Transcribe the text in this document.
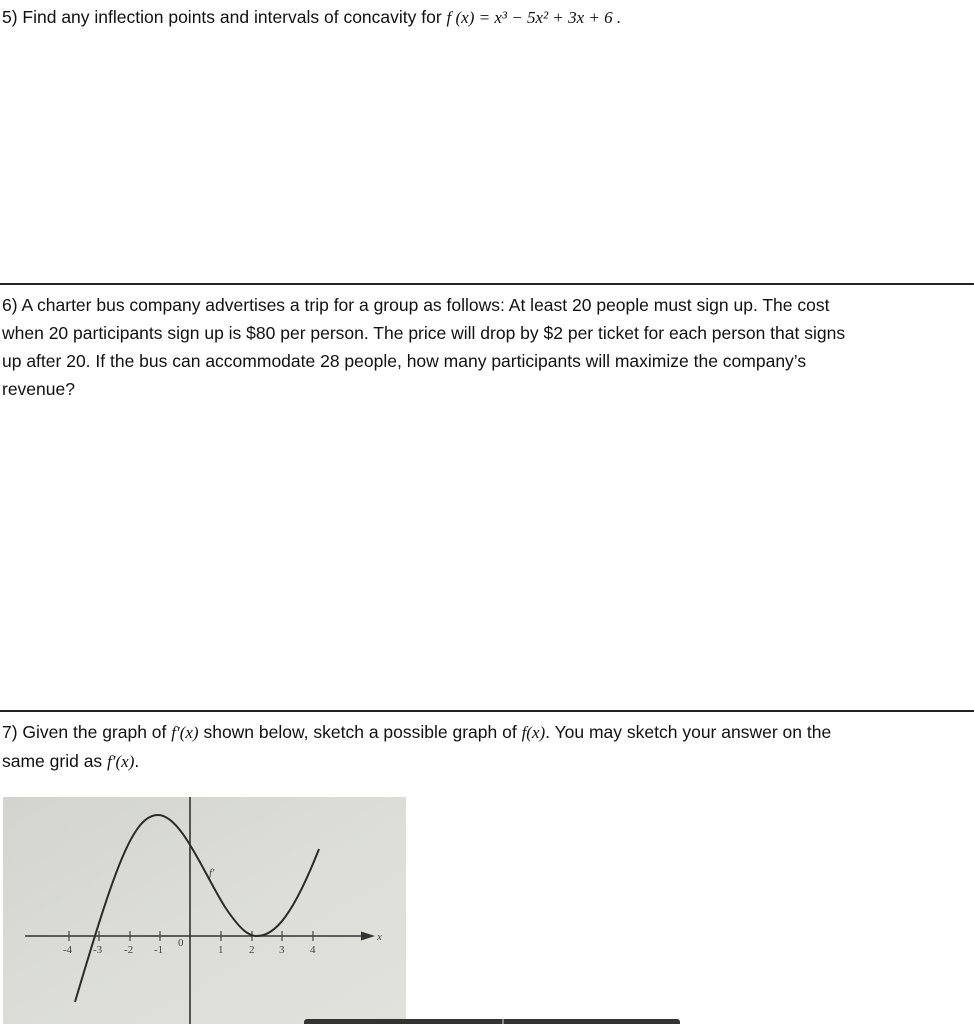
5) Find any inflection points and intervals of concavity for f (x) = x³ − 5x² + 3x + 6 .

6) A charter bus company advertises a trip for a group as follows: At least 20 people must sign up. The cost
when 20 participants sign up is $80 per person. The price will drop by $2 per ticket for each person that signs
up after 20. If the bus can accommodate 28 people, how many participants will maximize the company’s
revenue?

7) Given the graph of f′(x) shown below, sketch a possible graph of f(x). You may sketch your answer on the
same grid as f′(x).

f′
x
-4 -3 -2 -1
0
1 2 3 4
